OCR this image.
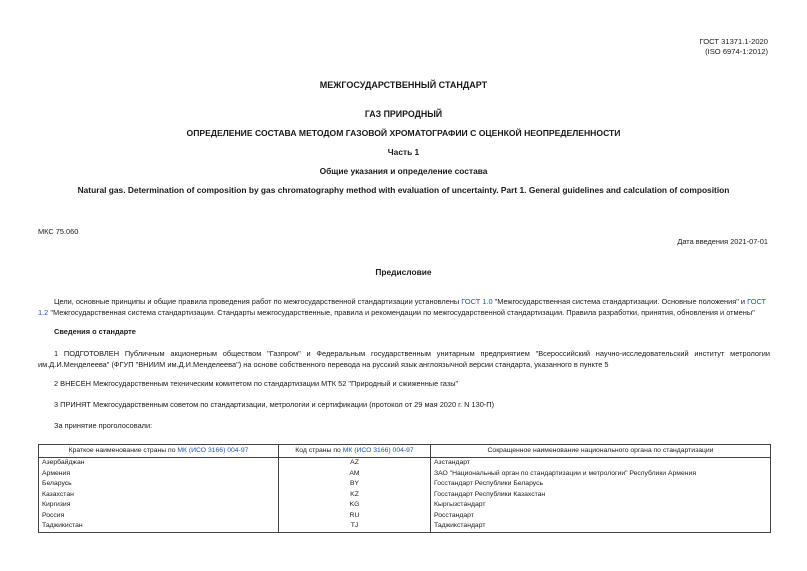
ГОСТ 31371.1-2020
(ISO 6974-1:2012)
МЕЖГОСУДАРСТВЕННЫЙ СТАНДАРТ
ГАЗ ПРИРОДНЫЙ
ОПРЕДЕЛЕНИЕ СОСТАВА МЕТОДОМ ГАЗОВОЙ ХРОМАТОГРАФИИ С ОЦЕНКОЙ НЕОПРЕДЕЛЕННОСТИ
Часть 1
Общие указания и определение состава
Natural gas. Determination of composition by gas chromatography method with evaluation of uncertainty. Part 1. General guidelines and calculation of composition
МКС 75.060
Дата введения 2021-07-01
Предисловие
Цели, основные принципы и общие правила проведения работ по межгосударственной стандартизации установлены ГОСТ 1.0 "Межгосударственная система стандартизации. Основные положения" и ГОСТ 1.2 "Межгосударственная система стандартизации. Стандарты межгосударственные, правила и рекомендации по межгосударственной стандартизации. Правила разработки, принятия, обновления и отмены"
Сведения о стандарте
1 ПОДГОТОВЛЕН Публичным акционерным обществом "Газпром" и Федеральным государственным унитарным предприятием "Всероссийский научно-исследовательский институт метрологии им.Д.И.Менделеева" (ФГУП "ВНИИМ им.Д.И.Менделеева") на основе собственного перевода на русский язык англоязычной версии стандарта, указанного в пункте 5
2 ВНЕСЕН Межгосударственным техническим комитетом по стандартизации МТК 52 "Природный и сжиженные газы"
3 ПРИНЯТ Межгосударственным советом по стандартизации, метрологии и сертификации (протокол от 29 мая 2020 г. N 130-П)
За принятие проголосовали:
Краткое наименование страны по МК (ИСО 3166) 004-97	Код страны по МК (ИСО 3166) 004-97	Сокращенное наименование национального органа по стандартизации
Азербайджан	AZ	Азстандарт
Армения	AM	ЗАО "Национальный орган по стандартизации и метрологии" Республики Армения
Беларусь	BY	Госстандарт Республики Беларусь
Казахстан	KZ	Госстандарт Республики Казахстан
Киргизия	KG	Кыргызстандарт
Россия	RU	Росстандарт
Таджикистан	TJ	Таджикстандарт
